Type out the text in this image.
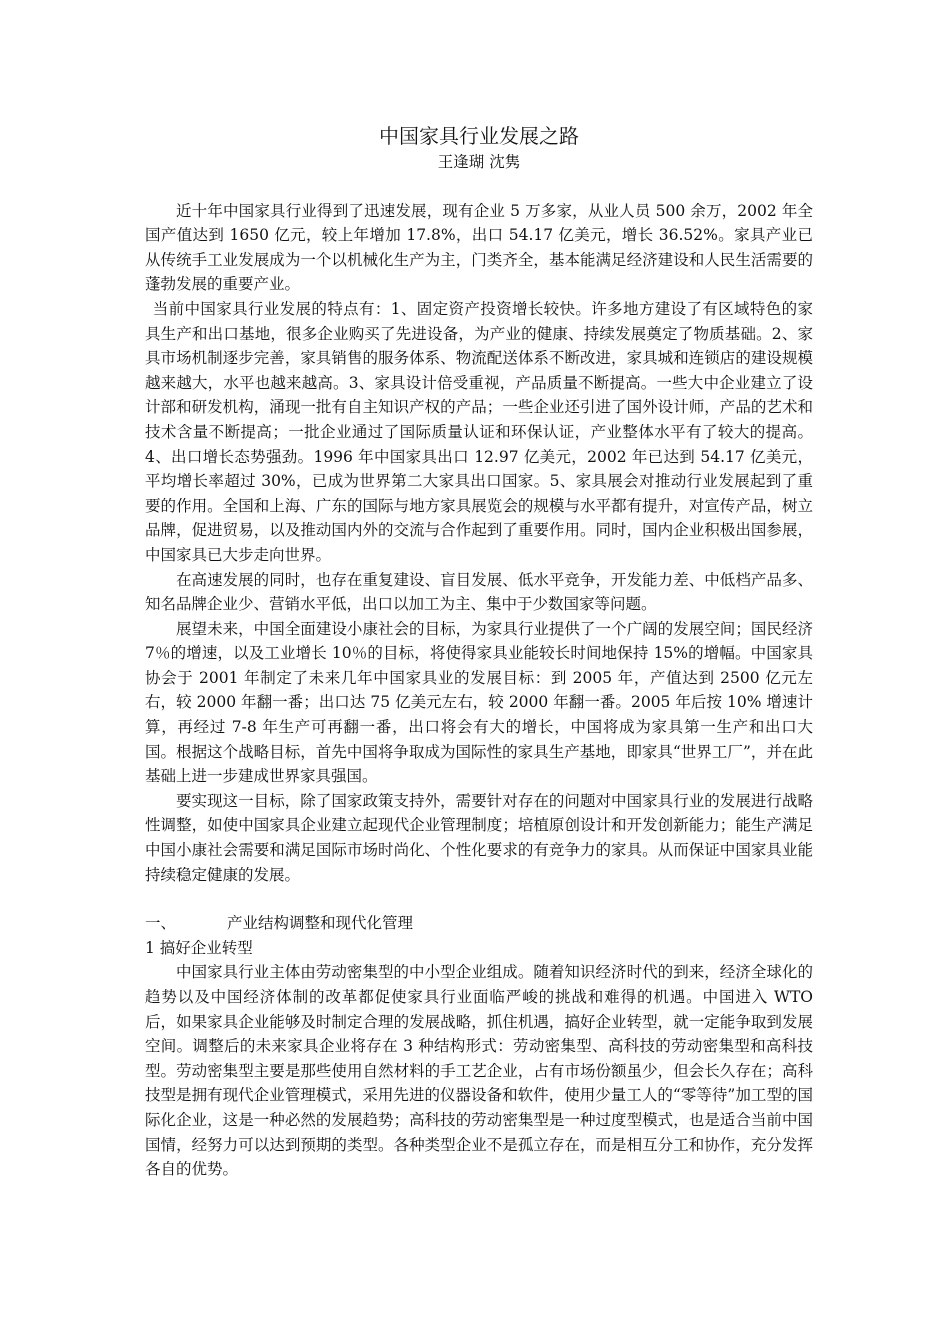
中国家具行业发展之路

王逢瑚 沈隽

近十年中国家具行业得到了迅速发展，现有企业 5 万多家，从业人员 500 余万，2002 年全国产值达到 1650 亿元，较上年增加 17.8%，出口 54.17 亿美元，增长 36.52%。家具产业已从传统手工业发展成为一个以机械化生产为主，门类齐全，基本能满足经济建设和人民生活需要的蓬勃发展的重要产业。

当前中国家具行业发展的特点有：1、固定资产投资增长较快。许多地方建设了有区域特色的家具生产和出口基地，很多企业购买了先进设备，为产业的健康、持续发展奠定了物质基础。2、家具市场机制逐步完善，家具销售的服务体系、物流配送体系不断改进，家具城和连锁店的建设规模越来越大，水平也越来越高。3、家具设计倍受重视，产品质量不断提高。一些大中企业建立了设计部和研发机构，涌现一批有自主知识产权的产品；一些企业还引进了国外设计师，产品的艺术和技术含量不断提高；一批企业通过了国际质量认证和环保认证，产业整体水平有了较大的提高。4、出口增长态势强劲。1996 年中国家具出口 12.97 亿美元，2002 年已达到 54.17 亿美元，平均增长率超过 30%，已成为世界第二大家具出口国家。5、家具展会对推动行业发展起到了重要的作用。全国和上海、广东的国际与地方家具展览会的规模与水平都有提升，对宣传产品，树立品牌，促进贸易，以及推动国内外的交流与合作起到了重要作用。同时，国内企业积极出国参展，中国家具已大步走向世界。

在高速发展的同时，也存在重复建设、盲目发展、低水平竞争，开发能力差、中低档产品多、知名品牌企业少、营销水平低，出口以加工为主、集中于少数国家等问题。

展望未来，中国全面建设小康社会的目标，为家具行业提供了一个广阔的发展空间；国民经济 7％的增速，以及工业增长 10％的目标，将使得家具业能较长时间地保持 15%的增幅。中国家具协会于 2001 年制定了未来几年中国家具业的发展目标：到 2005 年，产值达到 2500 亿元左右，较 2000 年翻一番；出口达 75 亿美元左右，较 2000 年翻一番。2005 年后按 10% 增速计算，再经过 7-8 年生产可再翻一番，出口将会有大的增长，中国将成为家具第一生产和出口大国。根据这个战略目标，首先中国将争取成为国际性的家具生产基地，即家具“世界工厂”，并在此基础上进一步建成世界家具强国。

要实现这一目标，除了国家政策支持外，需要针对存在的问题对中国家具行业的发展进行战略性调整，如使中国家具企业建立起现代企业管理制度；培植原创设计和开发创新能力；能生产满足中国小康社会需要和满足国际市场时尚化、个性化要求的有竞争力的家具。从而保证中国家具业能持续稳定健康的发展。

一、	产业结构调整和现代化管理

1 搞好企业转型

中国家具行业主体由劳动密集型的中小型企业组成。随着知识经济时代的到来，经济全球化的趋势以及中国经济体制的改革都促使家具行业面临严峻的挑战和难得的机遇。中国进入 WTO 后，如果家具企业能够及时制定合理的发展战略，抓住机遇，搞好企业转型，就一定能争取到发展空间。调整后的未来家具企业将存在 3 种结构形式：劳动密集型、高科技的劳动密集型和高科技型。劳动密集型主要是那些使用自然材料的手工艺企业，占有市场份额虽少，但会长久存在；高科技型是拥有现代企业管理模式，采用先进的仪器设备和软件，使用少量工人的“零等待”加工型的国际化企业，这是一种必然的发展趋势；高科技的劳动密集型是一种过度型模式，也是适合当前中国国情，经努力可以达到预期的类型。各种类型企业不是孤立存在，而是相互分工和协作，充分发挥各自的优势。
